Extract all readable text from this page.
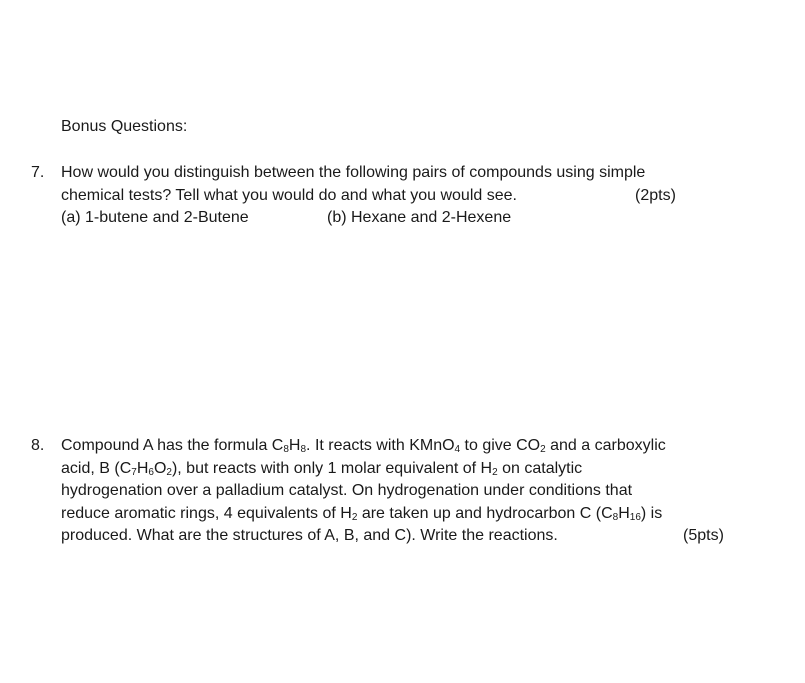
Bonus Questions:
7. How would you distinguish between the following pairs of compounds using simple
chemical tests? Tell what you would do and what you would see.	(2pts)
(a) 1-butene and 2-Butene	(b) Hexane and 2-Hexene
8. Compound A has the formula C8H8. It reacts with KMnO4 to give CO2 and a carboxylic
acid, B (C7H6O2), but reacts with only 1 molar equivalent of H2 on catalytic
hydrogenation over a palladium catalyst. On hydrogenation under conditions that
reduce aromatic rings, 4 equivalents of H2 are taken up and hydrocarbon C (C8H16) is
produced. What are the structures of A, B, and C). Write the reactions.	(5pts)
